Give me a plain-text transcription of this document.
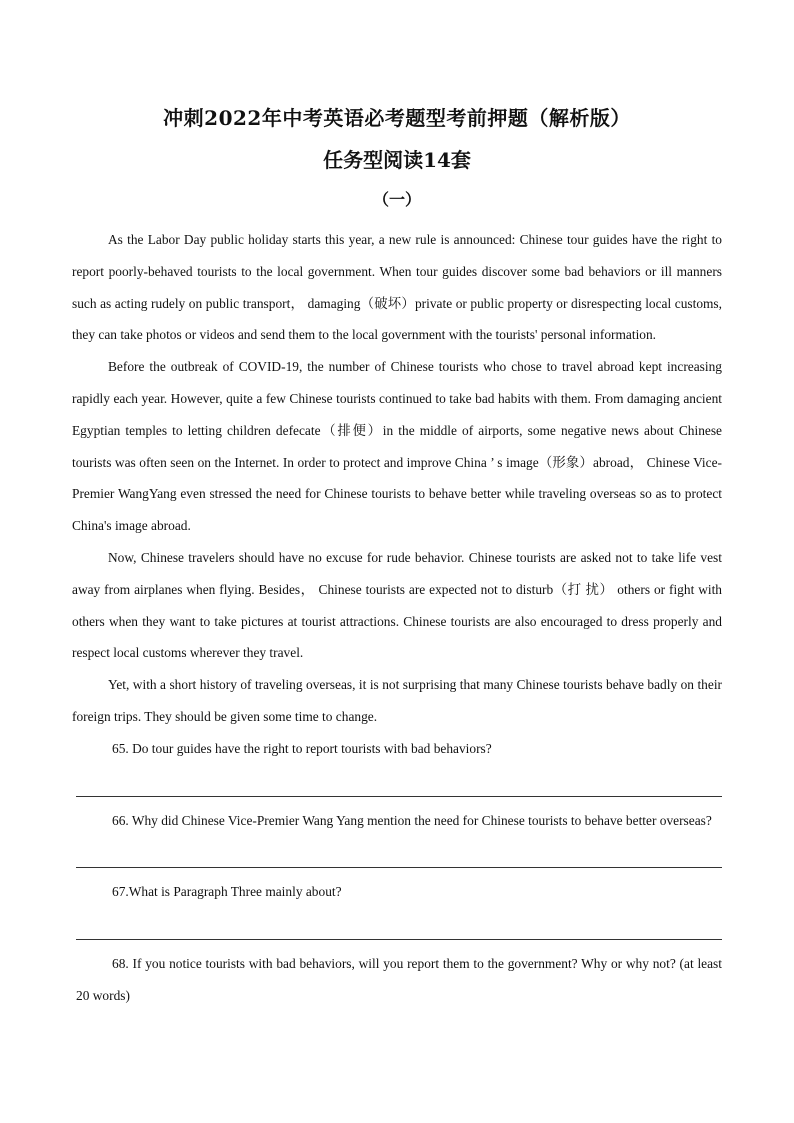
冲刺2022年中考英语必考题型考前押题（解析版）
任务型阅读14套
（一）

As the Labor Day public holiday starts this year, a new rule is announced: Chinese tour guides have the right to report poorly-behaved tourists to the local government. When tour guides discover some bad behaviors or ill manners such as acting rudely on public transport， damaging（破坏）private or public property or disrespecting local customs, they can take photos or videos and send them to the local government with the tourists' personal information.

Before the outbreak of COVID-19, the number of Chinese tourists who chose to travel abroad kept increasing rapidly each year. However, quite a few Chinese tourists continued to take bad habits with them. From damaging ancient Egyptian temples to letting children defecate（排便）in the middle of airports, some negative news about Chinese tourists was often seen on the Internet. In order to protect and improve China ’ s image（形象）abroad， Chinese Vice-Premier WangYang even stressed the need for Chinese tourists to behave better while traveling overseas so as to protect China's image abroad.

Now, Chinese travelers should have no excuse for rude behavior. Chinese tourists are asked not to take life vest away from airplanes when flying. Besides， Chinese tourists are expected not to disturb（打 扰） others or fight with others when they want to take pictures at tourist attractions. Chinese tourists are also encouraged to dress properly and respect local customs wherever they travel.

Yet, with a short history of traveling overseas, it is not surprising that many Chinese tourists behave badly on their foreign trips. They should be given some time to change.

65. Do tour guides have the right to report tourists with bad behaviors?

66. Why did Chinese Vice-Premier Wang Yang mention the need for Chinese tourists to behave better overseas?

67.What is Paragraph Three mainly about?

68. If you notice tourists with bad behaviors, will you report them to the government? Why or why not? (at least 20 words)
